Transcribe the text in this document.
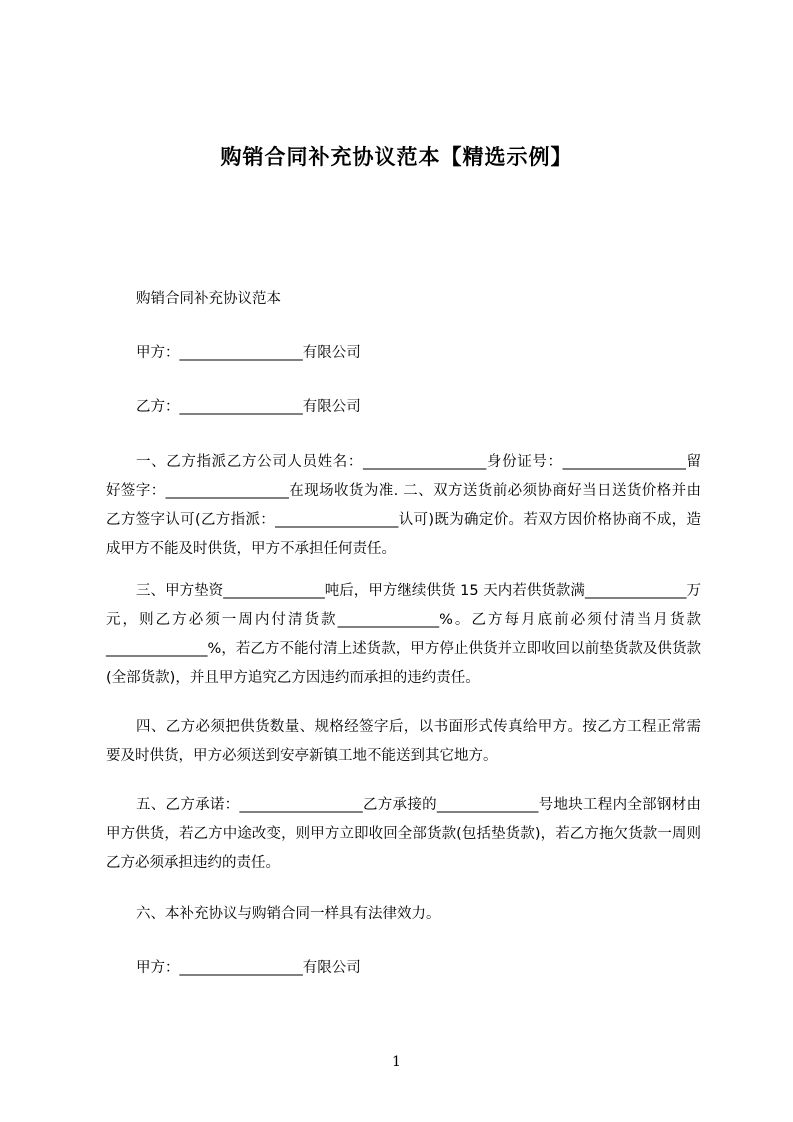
购销合同补充协议范本【精选示例】
购销合同补充协议范本
甲方：_________________有限公司
乙方：_________________有限公司
一、乙方指派乙方公司人员姓名：_________________身份证号：_________________留好签字：_________________在现场收货为准. 二、双方送货前必须协商好当日送货价格并由乙方签字认可(乙方指派：_________________认可)既为确定价。若双方因价格协商不成，造成甲方不能及时供货，甲方不承担任何责任。
三、甲方垫资______________吨后，甲方继续供货 15 天内若供货款满______________万元，则乙方必须一周内付清货款______________%。乙方每月底前必须付清当月货款______________%，若乙方不能付清上述货款，甲方停止供货并立即收回以前垫货款及供货款(全部货款)，并且甲方追究乙方因违约而承担的违约责任。
四、乙方必须把供货数量、规格经签字后，以书面形式传真给甲方。按乙方工程正常需要及时供货，甲方必须送到安亭新镇工地不能送到其它地方。
五、乙方承诺：_________________乙方承接的______________号地块工程内全部钢材由甲方供货，若乙方中途改变，则甲方立即收回全部货款(包括垫货款)，若乙方拖欠货款一周则乙方必须承担违约的责任。
六、本补充协议与购销合同一样具有法律效力。
甲方：_________________有限公司
1
